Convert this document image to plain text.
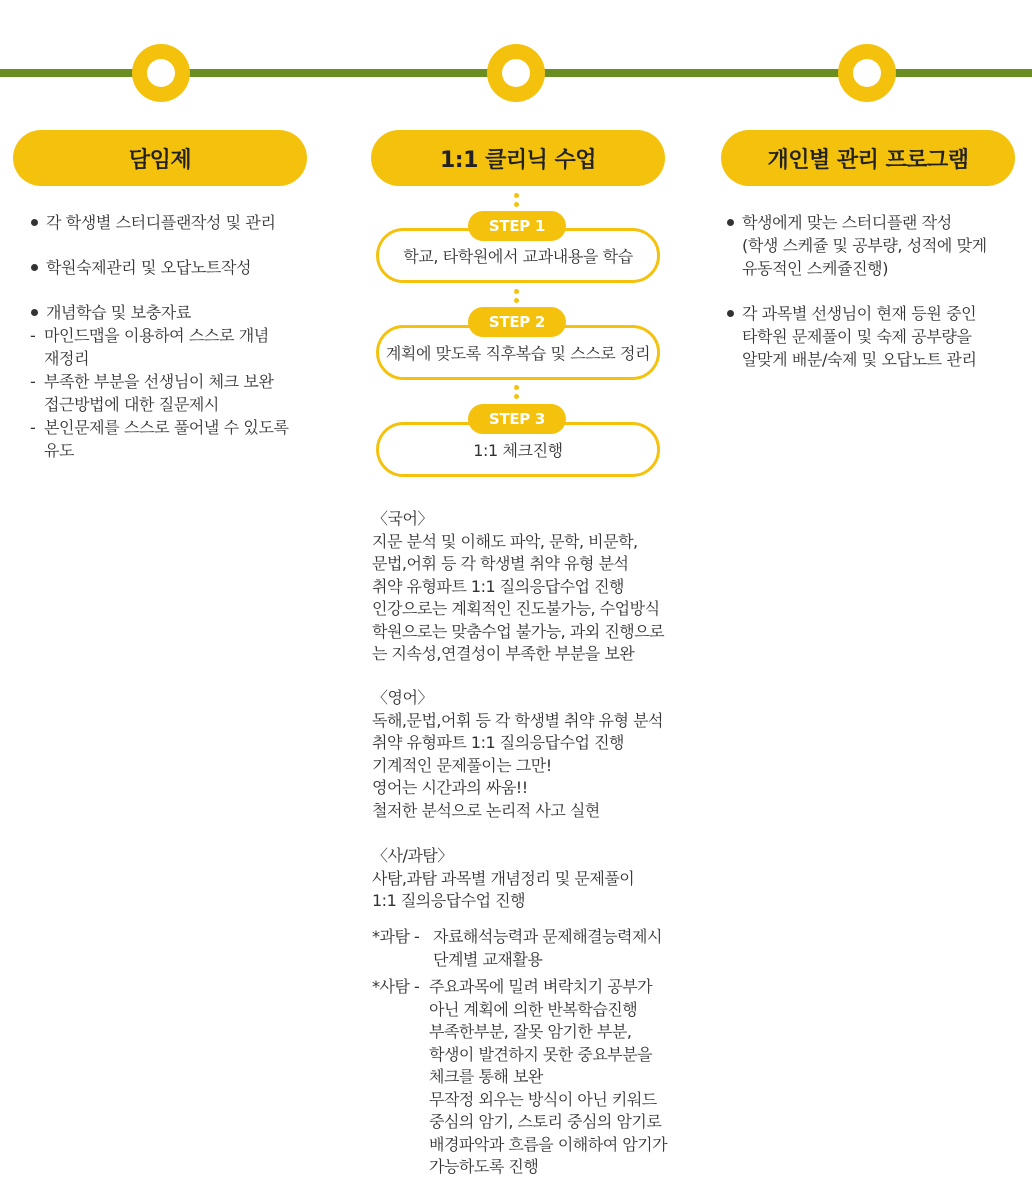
담임제	1:1 클리닉 수업	개인별 관리 프로그램
각 학생별 스터디플랜작성 및 관리
학원숙제관리 및 오답노트작성
개념학습 및 보충자료
- 마인드맵을 이용하여 스스로 개념
재정리
- 부족한 부분을 선생님이 체크 보완
접근방법에 대한 질문제시
- 본인문제를 스스로 풀어낼 수 있도록
유도
학교, 타학원에서 교과내용을 학습
STEP 1
계획에 맞도록 직후복습 및 스스로 정리
STEP 2
1:1 체크진행
STEP 3
〈국어〉
지문 분석 및 이해도 파악, 문학, 비문학,
문법,어휘 등 각 학생별 취약 유형 분석
취약 유형파트 1:1 질의응답수업 진행
인강으로는 계획적인 진도불가능, 수업방식
학원으로는 맞춤수업 불가능, 과외 진행으로
는 지속성,연결성이 부족한 부분을 보완
〈영어〉
독해,문법,어휘 등 각 학생별 취약 유형 분석
취약 유형파트 1:1 질의응답수업 진행
기계적인 문제풀이는 그만!
영어는 시간과의 싸움!!
철저한 분석으로 논리적 사고 실현
〈사/과탐〉
사탐,과탐 과목별 개념정리 및 문제풀이
1:1 질의응답수업 진행
*과탐 - 자료해석능력과 문제해결능력제시
단계별 교재활용
*사탐 - 주요과목에 밀려 벼락치기 공부가
아닌 계획에 의한 반복학습진행
부족한부분, 잘못 암기한 부분,
학생이 발견하지 못한 중요부분을
체크를 통해 보완
무작정 외우는 방식이 아닌 키워드
중심의 암기, 스토리 중심의 암기로
배경파악과 흐름을 이해하여 암기가
가능하도록 진행
학생에게 맞는 스터디플랜 작성
(학생 스케쥴 및 공부량, 성적에 맞게
유동적인 스케쥴진행)
각 과목별 선생님이 현재 등원 중인
타학원 문제풀이 및 숙제 공부량을
알맞게 배분/숙제 및 오답노트 관리
